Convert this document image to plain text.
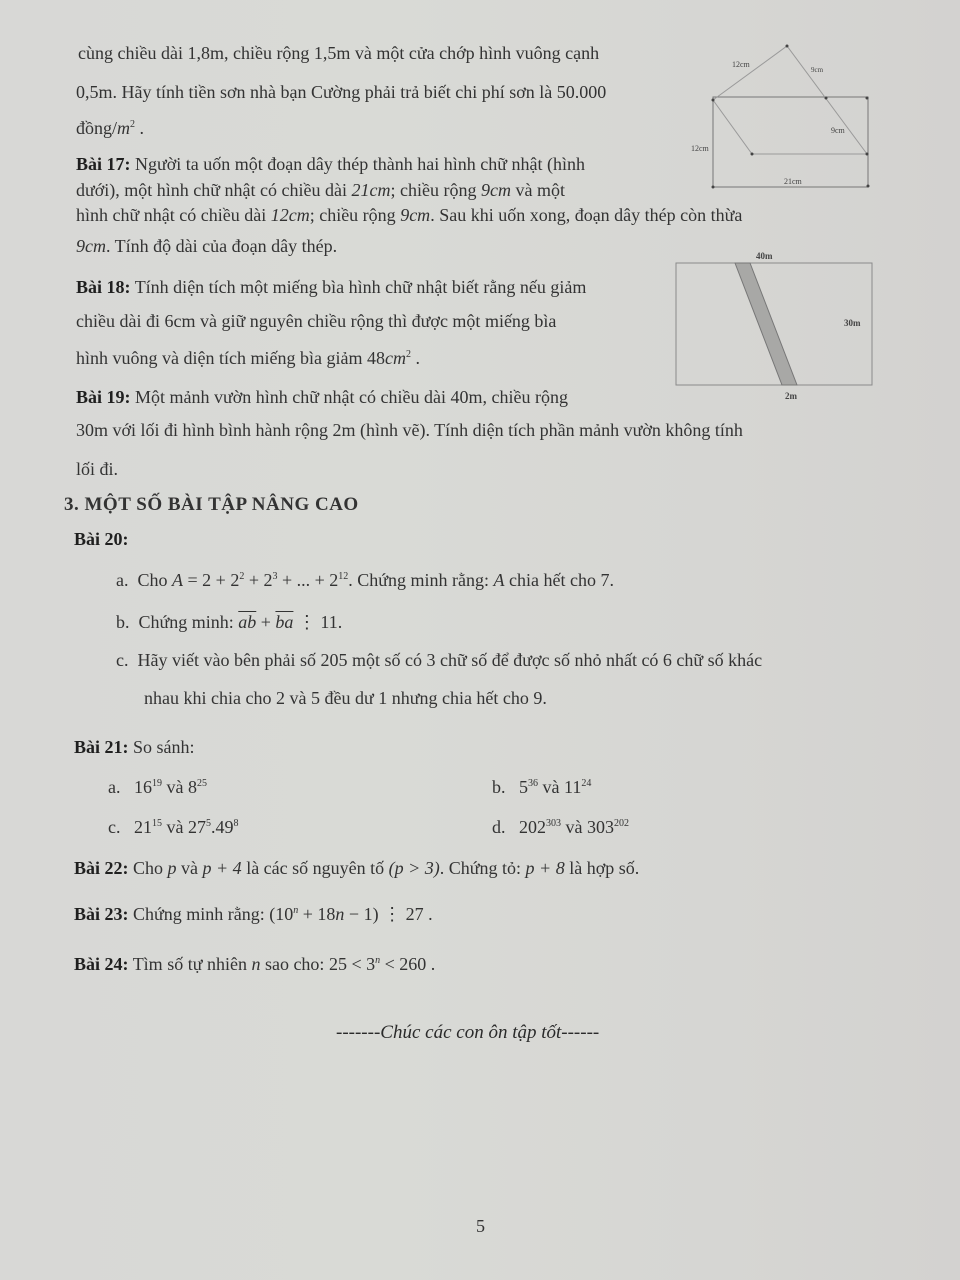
cùng chiều dài 1,8m, chiều rộng 1,5m và một cửa chớp hình vuông cạnh
0,5m. Hãy tính tiền sơn nhà bạn Cường phải trả biết chi phí sơn là 50.000
đồng/$m^2$ .
12cm
9cm
9cm
12cm
21cm
Bài 17: Người ta uốn một đoạn dây thép thành hai hình chữ nhật (hình
dưới), một hình chữ nhật có chiều dài 21cm; chiều rộng 9cm và một
hình chữ nhật có chiều dài 12cm; chiều rộng 9cm. Sau khi uốn xong, đoạn dây thép còn thừa
9cm. Tính độ dài của đoạn dây thép.	40m
30m
2m
Bài 18: Tính diện tích một miếng bìa hình chữ nhật biết rằng nếu giảm
chiều dài đi 6cm và giữ nguyên chiều rộng thì được một miếng bìa
hình vuông và diện tích miếng bìa giảm $48cm^2$ .
Bài 19: Một mảnh vườn hình chữ nhật có chiều dài 40m, chiều rộng
30m với lối đi hình bình hành rộng 2m (hình vẽ). Tính diện tích phần mảnh vườn không tính
lối đi.
3. MỘT SỐ BÀI TẬP NÂNG CAO
Bài 20:
a. Cho $A = 2 + 2^2 + 2^3$ + ... + $2^{12}$. Chứng minh rằng: A chia hết cho 7.
b. Chứng minh: $\overline{ab} + \overline{ba}$ ⋮ 11.
c. Hãy viết vào bên phải số 205 một số có 3 chữ số để được số nhỏ nhất có 6 chữ số khác
nhau khi chia cho 2 và 5 đều dư 1 nhưng chia hết cho 9.
Bài 21: So sánh:
a. $16^{19}$ và $8^{25}$	b. $5^{36}$ và $11^{24}$
c. $21^{15}$ và $27^5.49^8$	d. $202^{303}$ và $303^{202}$
Bài 22: Cho p và p + 4 là các số nguyên tố (p > 3). Chứng tỏ: p + 8 là hợp số.
Bài 23: Chứng minh rằng: $(10^n + 18n - 1)$ ⋮ 27 .
Bài 24: Tìm số tự nhiên n sao cho: $25 < 3^n < 260$ .
-------Chúc các con ôn tập tốt------
5
